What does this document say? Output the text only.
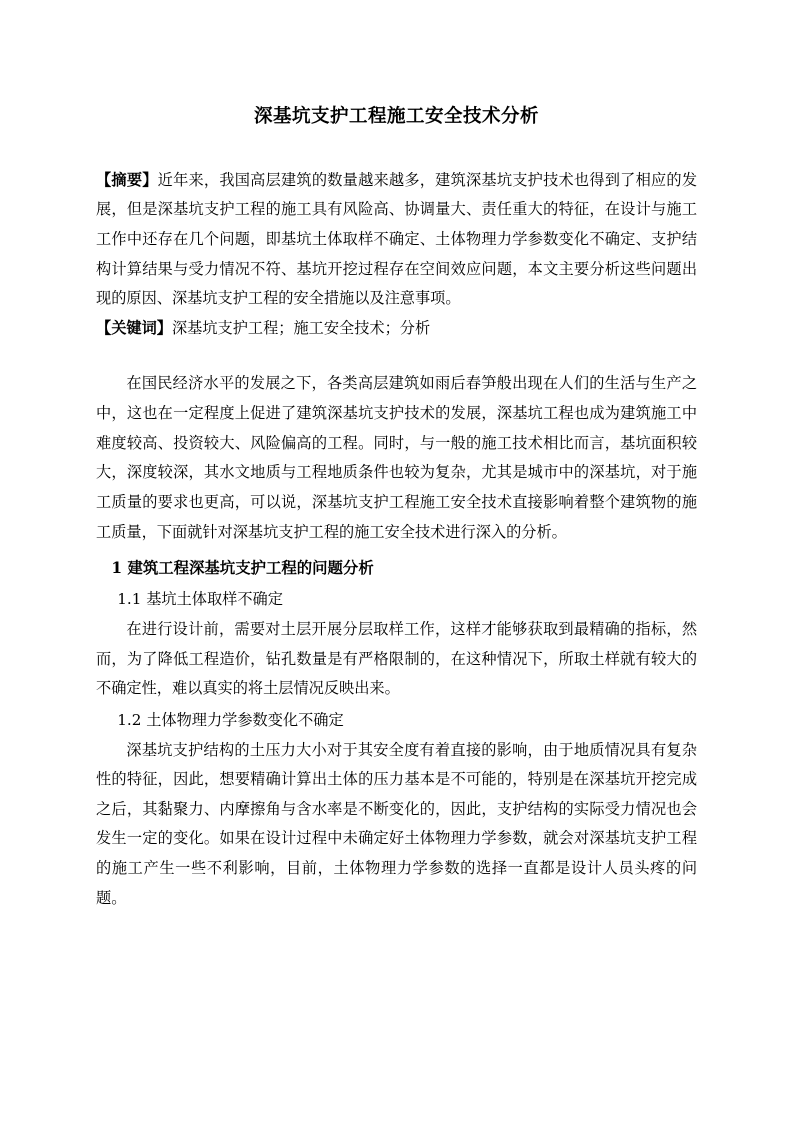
深基坑支护工程施工安全技术分析

【摘要】近年来，我国高层建筑的数量越来越多，建筑深基坑支护技术也得到了相应的发展，但是深基坑支护工程的施工具有风险高、协调量大、责任重大的特征，在设计与施工工作中还存在几个问题，即基坑土体取样不确定、土体物理力学参数变化不确定、支护结构计算结果与受力情况不符、基坑开挖过程存在空间效应问题，本文主要分析这些问题出现的原因、深基坑支护工程的安全措施以及注意事项。

【关键词】深基坑支护工程；施工安全技术；分析

在国民经济水平的发展之下，各类高层建筑如雨后春笋般出现在人们的生活与生产之中，这也在一定程度上促进了建筑深基坑支护技术的发展，深基坑工程也成为建筑施工中难度较高、投资较大、风险偏高的工程。同时，与一般的施工技术相比而言，基坑面积较大，深度较深，其水文地质与工程地质条件也较为复杂，尤其是城市中的深基坑，对于施工质量的要求也更高，可以说，深基坑支护工程施工安全技术直接影响着整个建筑物的施工质量，下面就针对深基坑支护工程的施工安全技术进行深入的分析。

1 建筑工程深基坑支护工程的问题分析

1.1 基坑土体取样不确定

在进行设计前，需要对土层开展分层取样工作，这样才能够获取到最精确的指标，然而，为了降低工程造价，钻孔数量是有严格限制的，在这种情况下，所取土样就有较大的不确定性，难以真实的将土层情况反映出来。

1.2 土体物理力学参数变化不确定

深基坑支护结构的土压力大小对于其安全度有着直接的影响，由于地质情况具有复杂性的特征，因此，想要精确计算出土体的压力基本是不可能的，特别是在深基坑开挖完成之后，其黏聚力、内摩擦角与含水率是不断变化的，因此，支护结构的实际受力情况也会发生一定的变化。如果在设计过程中未确定好土体物理力学参数，就会对深基坑支护工程的施工产生一些不利影响，目前，土体物理力学参数的选择一直都是设计人员头疼的问题。
